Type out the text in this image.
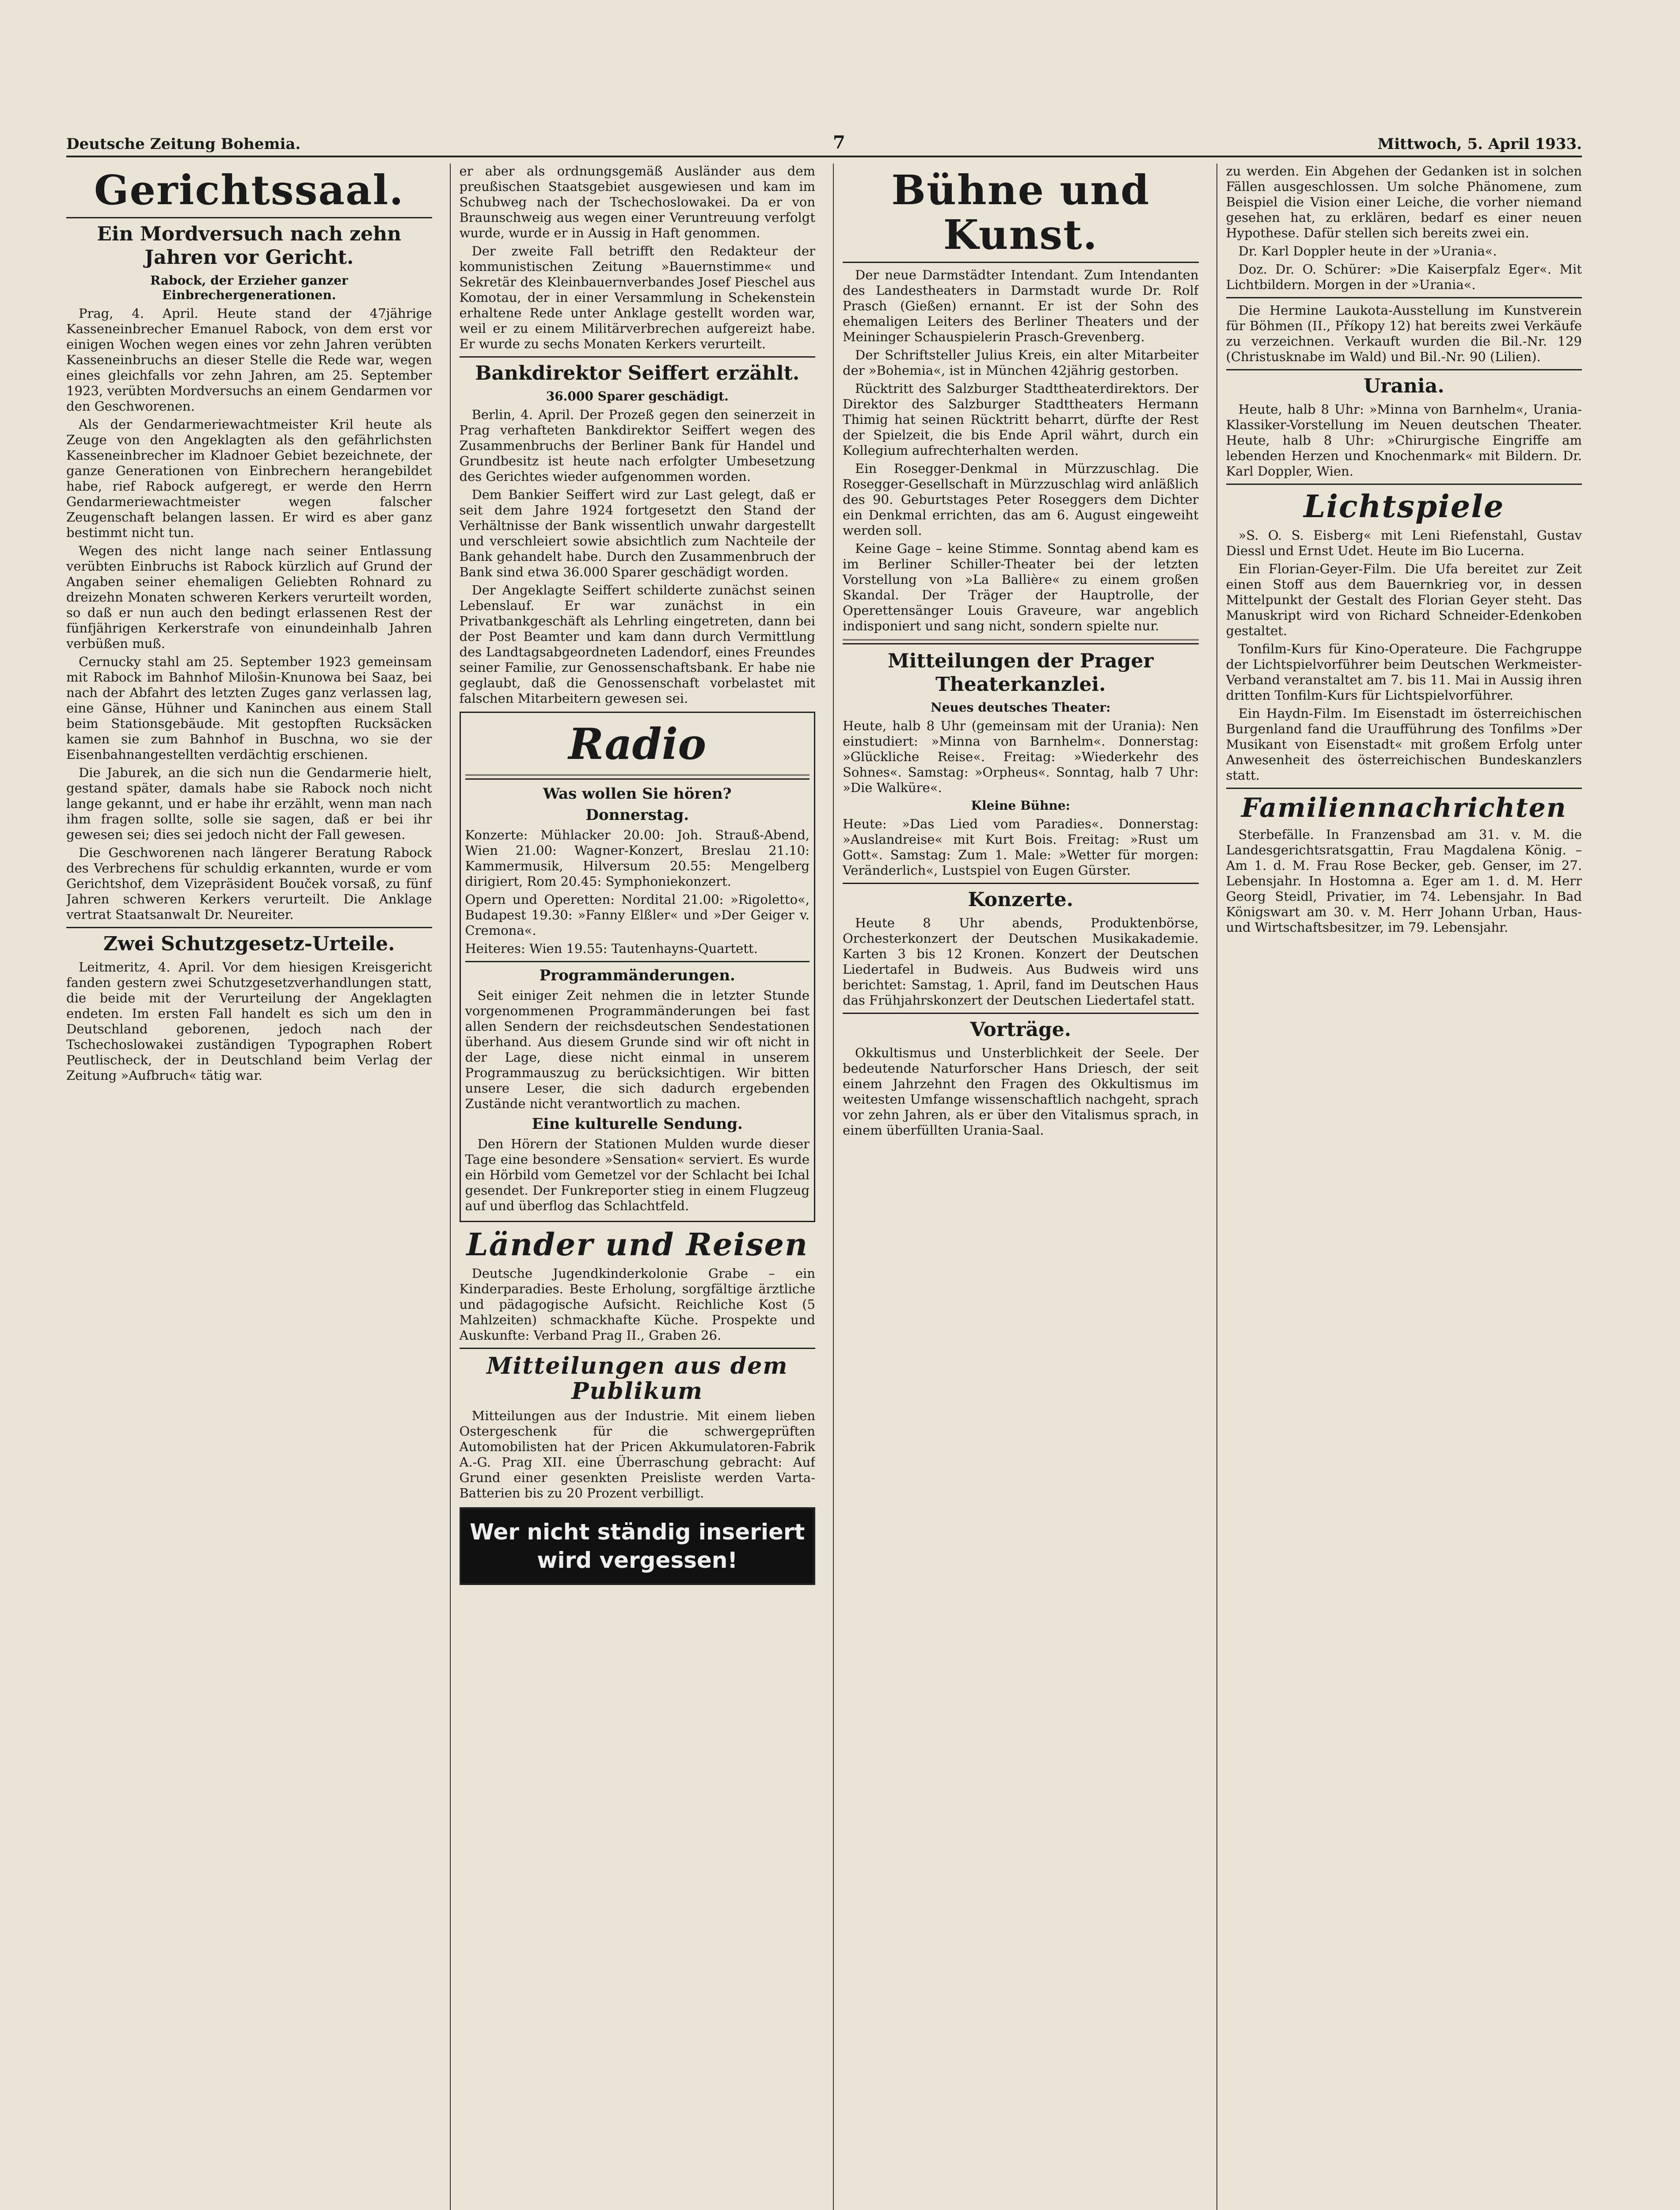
Deutsche Zeitung Bohemia.	7	Mittwoch, 5. April 1933.
Gerichtssaal.
Ein Mordversuch nach zehn Jahren vor Gericht.
Rabock, der Erzieher ganzer Einbrechergenerationen.

Prag, 4. April. Heute stand der 47jährige Kasseneinbrecher Emanuel Rabock, von dem erst vor einigen Wochen wegen eines vor zehn Jahren verübten Kasseneinbruchs an dieser Stelle die Rede war, wegen eines gleichfalls vor zehn Jahren, am 25. September 1923, verübten Mordversuchs an einem Gendarmen vor den Geschworenen.

Als der Gendarmeriewachtmeister Kril heute als Zeuge von den Angeklagten als den gefährlichsten Kasseneinbrecher im Kladnoer Gebiet bezeichnete, der ganze Generationen von Einbrechern herangebildet habe, rief Rabock aufgeregt, er werde den Herrn Gendarmeriewachtmeister wegen falscher Zeugenschaft belangen lassen. Er wird es aber ganz bestimmt nicht tun.

Wegen des nicht lange nach seiner Entlassung verübten Einbruchs ist Rabock kürzlich auf Grund der Angaben seiner ehemaligen Geliebten Rohnard zu dreizehn Monaten schweren Kerkers verurteilt worden, so daß er nun auch den bedingt erlassenen Rest der fünfjährigen Kerkerstrafe von einundeinhalb Jahren verbüßen muß.

Cernucky stahl am 25. September 1923 gemeinsam mit Rabock im Bahnhof Milošin-Knunowa bei Saaz, bei nach der Abfahrt des letzten Zuges ganz verlassen lag, eine Gänse, Hühner und Kaninchen aus einem Stall beim Stationsgebäude. Mit gestopften Rucksäcken kamen sie zum Bahnhof in Buschna, wo sie der Eisenbahnangestellten verdächtig erschienen.

Die Jaburek, an die sich nun die Gendarmerie hielt, gestand später, damals habe sie Rabock noch nicht lange gekannt, und er habe ihr erzählt, wenn man nach ihm fragen sollte, solle sie sagen, daß er bei ihr gewesen sei; dies sei jedoch nicht der Fall gewesen.

Die Geschworenen nach längerer Beratung Rabock des Verbrechens für schuldig erkannten, wurde er vom Gerichtshof, dem Vizepräsident Bouček vorsaß, zu fünf Jahren schweren Kerkers verurteilt. Die Anklage vertrat Staatsanwalt Dr. Neureiter.

Zwei Schutzgesetz-Urteile.

Leitmeritz, 4. April. Vor dem hiesigen Kreisgericht fanden gestern zwei Schutzgesetzverhandlungen statt, die beide mit der Verurteilung der Angeklagten endeten. Im ersten Fall handelt es sich um den in Deutschland geborenen, jedoch nach der Tschechoslowakei zuständigen Typographen Robert Peutlischeck, der in Deutschland beim Verlag der Zeitung »Aufbruch« tätig war.

er aber als ordnungsgemäß Ausländer aus dem preußischen Staatsgebiet ausgewiesen und kam im Schubweg nach der Tschechoslowakei. Da er von Braunschweig aus wegen einer Veruntreuung verfolgt wurde, wurde er in Aussig in Haft genommen.

Der zweite Fall betrifft den Redakteur der kommunistischen Zeitung »Bauernstimme« und Sekretär des Kleinbauernverbandes Josef Pieschel aus Komotau, der in einer Versammlung in Schekenstein erhaltene Rede unter Anklage gestellt worden war, weil er zu einem Militärverbrechen aufgereizt habe. Er wurde zu sechs Monaten Kerkers verurteilt.

Bankdirektor Seiffert erzählt.
36.000 Sparer geschädigt.

Berlin, 4. April. Der Prozeß gegen den seinerzeit in Prag verhafteten Bankdirektor Seiffert wegen des Zusammenbruchs der Berliner Bank für Handel und Grundbesitz ist heute nach erfolgter Umbesetzung des Gerichtes wieder aufgenommen worden.

Dem Bankier Seiffert wird zur Last gelegt, daß er seit dem Jahre 1924 fortgesetzt den Stand der Verhältnisse der Bank wissentlich unwahr dargestellt und verschleiert sowie absichtlich zum Nachteile der Bank gehandelt habe. Durch den Zusammenbruch der Bank sind etwa 36.000 Sparer geschädigt worden.

Der Angeklagte Seiffert schilderte zunächst seinen Lebenslauf. Er war zunächst in ein Privatbankgeschäft als Lehrling eingetreten, dann bei der Post Beamter und kam dann durch Vermittlung des Landtagsabgeordneten Ladendorf, eines Freundes seiner Familie, zur Genossenschaftsbank. Er habe nie geglaubt, daß die Genossenschaft vorbelastet mit falschen Mitarbeitern gewesen sei.

Radio
Was wollen Sie hören?
Donnerstag.

Konzerte: Mühlacker 20.00: Joh. Strauß-Abend, Wien 21.00: Wagner-Konzert, Breslau 21.10: Kammermusik, Hilversum 20.55: Mengelberg dirigiert, Rom 20.45: Symphoniekonzert.

Opern und Operetten: Nordital 21.00: »Rigoletto«, Budapest 19.30: »Fanny Elßler« und »Der Geiger v. Cremona«.

Heiteres: Wien 19.55: Tautenhayns-Quartett.

Programmänderungen.

Seit einiger Zeit nehmen die in letzter Stunde vorgenommenen Programmänderungen bei fast allen Sendern der reichsdeutschen Sendestationen überhand. Aus diesem Grunde sind wir oft nicht in der Lage, diese nicht einmal in unserem Programmauszug zu berücksichtigen. Wir bitten unsere Leser, die sich dadurch ergebenden Zustände nicht verantwortlich zu machen.

Eine kulturelle Sendung.

Den Hörern der Stationen Mulden wurde dieser Tage eine besondere »Sensation« serviert. Es wurde ein Hörbild vom Gemetzel vor der Schlacht bei Ichal gesendet. Der Funkreporter stieg in einem Flugzeug auf und überflog das Schlachtfeld.

Länder und Reisen

Deutsche Jugendkinderkolonie Grabe – ein Kinderparadies. Beste Erholung, sorgfältige ärztliche und pädagogische Aufsicht. Reichliche Kost (5 Mahlzeiten) schmackhafte Küche. Prospekte und Auskunfte: Verband Prag II., Graben 26.

Mitteilungen aus dem Publikum

Mitteilungen aus der Industrie. Mit einem lieben Ostergeschenk für die schwergeprüften Automobilisten hat der Pricen Akkumulatoren-Fabrik A.-G. Prag XII. eine Überraschung gebracht: Auf Grund einer gesenkten Preisliste werden Varta-Batterien bis zu 20 Prozent verbilligt.

Wer nicht ständig inseriert
wird vergessen!
Bühne und Kunst.

Der neue Darmstädter Intendant. Zum Intendanten des Landestheaters in Darmstadt wurde Dr. Rolf Prasch (Gießen) ernannt. Er ist der Sohn des ehemaligen Leiters des Berliner Theaters und der Meininger Schauspielerin Prasch-Grevenberg.

Der Schriftsteller Julius Kreis, ein alter Mitarbeiter der »Bohemia«, ist in München 42jährig gestorben.

Rücktritt des Salzburger Stadttheaterdirektors. Der Direktor des Salzburger Stadttheaters Hermann Thimig hat seinen Rücktritt beharrt, dürfte der Rest der Spielzeit, die bis Ende April währt, durch ein Kollegium aufrechterhalten werden.

Ein Rosegger-Denkmal in Mürzzuschlag. Die Rosegger-Gesellschaft in Mürzzuschlag wird anläßlich des 90. Geburtstages Peter Roseggers dem Dichter ein Denkmal errichten, das am 6. August eingeweiht werden soll.

Keine Gage – keine Stimme. Sonntag abend kam es im Berliner Schiller-Theater bei der letzten Vorstellung von »La Ballière« zu einem großen Skandal. Der Träger der Hauptrolle, der Operettensänger Louis Graveure, war angeblich indisponiert und sang nicht, sondern spielte nur.

Mitteilungen der Prager Theaterkanzlei.
Neues deutsches Theater:

Heute, halb 8 Uhr (gemeinsam mit der Urania): Nen einstudiert: »Minna von Barnhelm«. Donnerstag: »Glückliche Reise«. Freitag: »Wiederkehr des Sohnes«. Samstag: »Orpheus«. Sonntag, halb 7 Uhr: »Die Walküre«.

Kleine Bühne:

Heute: »Das Lied vom Paradies«. Donnerstag: »Auslandreise« mit Kurt Bois. Freitag: »Rust um Gott«. Samstag: Zum 1. Male: »Wetter für morgen: Veränderlich«, Lustspiel von Eugen Gürster.

Konzerte.

Heute 8 Uhr abends, Produktenbörse, Orchesterkonzert der Deutschen Musikakademie. Karten 3 bis 12 Kronen. Konzert der Deutschen Liedertafel in Budweis. Aus Budweis wird uns berichtet: Samstag, 1. April, fand im Deutschen Haus das Frühjahrskonzert der Deutschen Liedertafel statt.

Vorträge.

Okkultismus und Unsterblichkeit der Seele. Der bedeutende Naturforscher Hans Driesch, der seit einem Jahrzehnt den Fragen des Okkultismus im weitesten Umfange wissenschaftlich nachgeht, sprach vor zehn Jahren, als er über den Vitalismus sprach, in einem überfüllten Urania-Saal.

zu werden. Ein Abgehen der Gedanken ist in solchen Fällen ausgeschlossen. Um solche Phänomene, zum Beispiel die Vision einer Leiche, die vorher niemand gesehen hat, zu erklären, bedarf es einer neuen Hypothese. Dafür stellen sich bereits zwei ein.

Dr. Karl Doppler heute in der »Urania«.

Doz. Dr. O. Schürer: »Die Kaiserpfalz Eger«. Mit Lichtbildern. Morgen in der »Urania«.

Die Hermine Laukota-Ausstellung im Kunstverein für Böhmen (II., Příkopy 12) hat bereits zwei Verkäufe zu verzeichnen. Verkauft wurden die Bil.-Nr. 129 (Christusknabe im Wald) und Bil.-Nr. 90 (Lilien).

Urania.

Heute, halb 8 Uhr: »Minna von Barnhelm«, Urania-Klassiker-Vorstellung im Neuen deutschen Theater. Heute, halb 8 Uhr: »Chirurgische Eingriffe am lebenden Herzen und Knochenmark« mit Bildern. Dr. Karl Doppler, Wien.

Lichtspiele

»S. O. S. Eisberg« mit Leni Riefenstahl, Gustav Diessl und Ernst Udet. Heute im Bio Lucerna.

Ein Florian-Geyer-Film. Die Ufa bereitet zur Zeit einen Stoff aus dem Bauernkrieg vor, in dessen Mittelpunkt der Gestalt des Florian Geyer steht. Das Manuskript wird von Richard Schneider-Edenkoben gestaltet.

Tonfilm-Kurs für Kino-Operateure. Die Fachgruppe der Lichtspielvorführer beim Deutschen Werkmeister-Verband veranstaltet am 7. bis 11. Mai in Aussig ihren dritten Tonfilm-Kurs für Lichtspielvorführer.

Ein Haydn-Film. Im Eisenstadt im österreichischen Burgenland fand die Uraufführung des Tonfilms »Der Musikant von Eisenstadt« mit großem Erfolg unter Anwesenheit des österreichischen Bundeskanzlers statt.

Familiennachrichten

Sterbefälle. In Franzensbad am 31. v. M. die Landesgerichtsratsgattin, Frau Magdalena König. – Am 1. d. M. Frau Rose Becker, geb. Genser, im 27. Lebensjahr. In Hostomna a. Eger am 1. d. M. Herr Georg Steidl, Privatier, im 74. Lebensjahr. In Bad Königswart am 30. v. M. Herr Johann Urban, Haus- und Wirtschaftsbesitzer, im 79. Lebensjahr.
